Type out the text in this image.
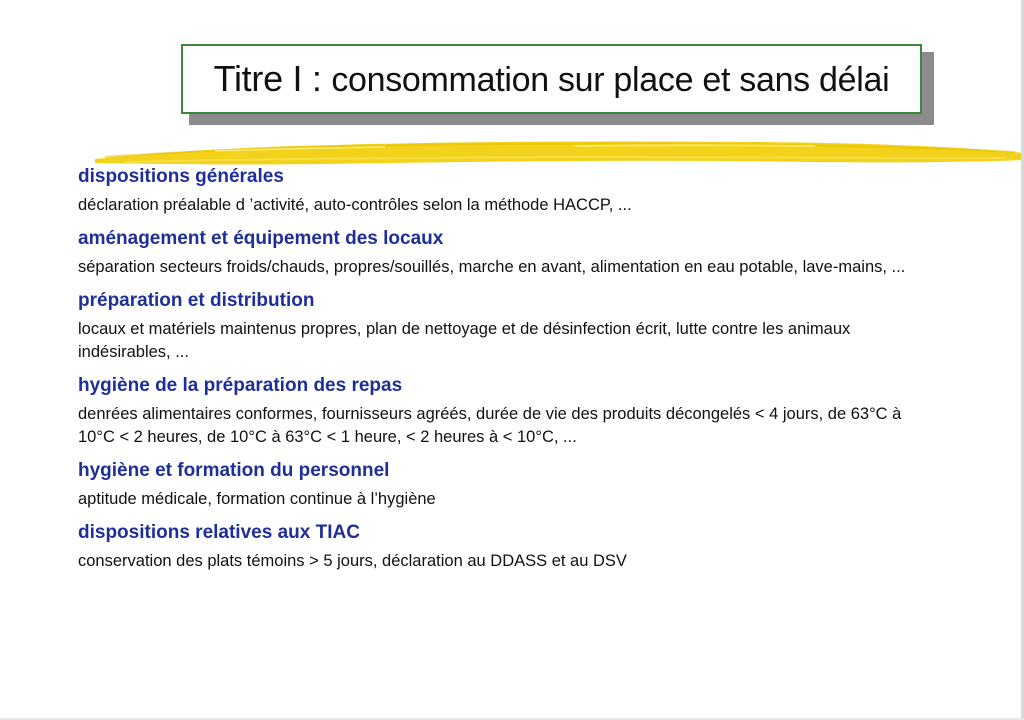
Titre I : consommation sur place et sans délai

dispositions générales

déclaration préalable d ’activité, auto-contrôles selon la méthode HACCP, ...

aménagement et équipement des locaux

séparation secteurs froids/chauds, propres/souillés, marche en avant, alimentation en eau potable, lave-mains, ...

préparation et distribution

locaux et matériels maintenus propres, plan de nettoyage et de désinfection écrit, lutte contre les animaux indésirables, ...

hygiène de la préparation des repas

denrées alimentaires conformes, fournisseurs agréés, durée de vie des produits décongelés < 4 jours, de 63°C à 10°C < 2 heures, de 10°C à 63°C < 1 heure, < 2 heures à < 10°C, ...

hygiène et formation du personnel

aptitude médicale, formation continue à l’hygiène

dispositions relatives aux TIAC

conservation des plats témoins > 5 jours, déclaration au DDASS et au DSV
